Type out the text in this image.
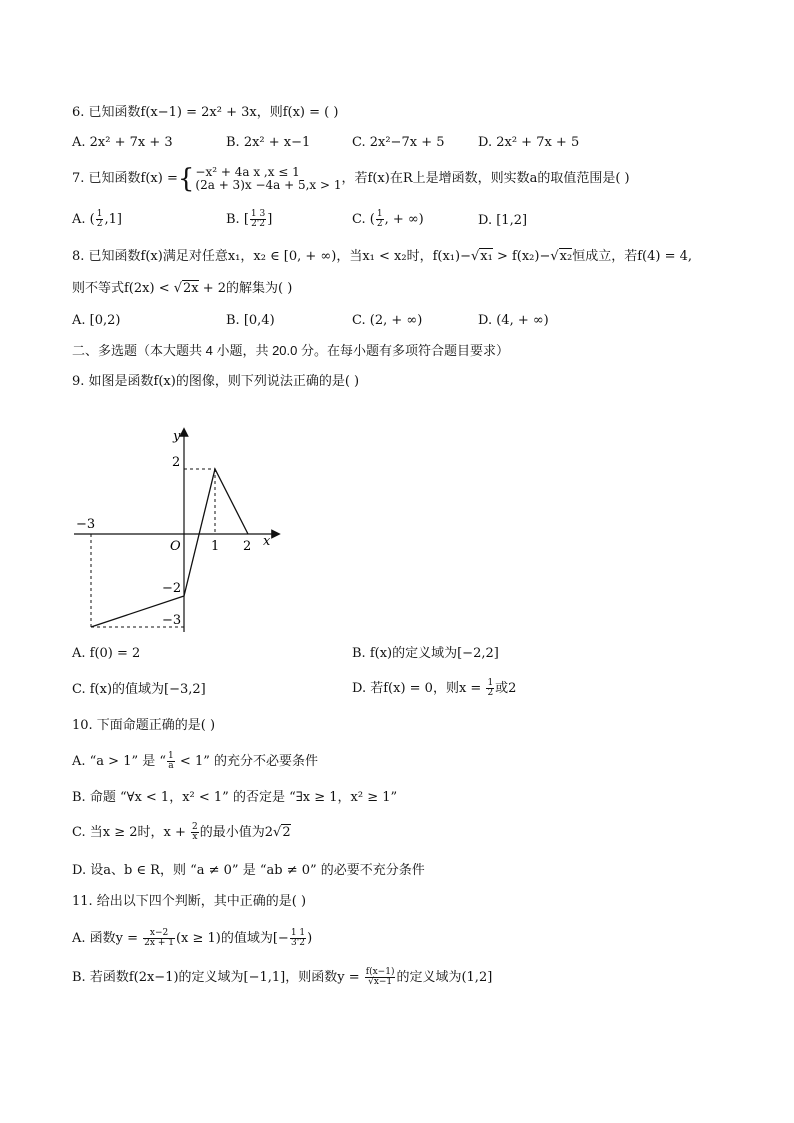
6. 已知函数f(x−1) = 2x² + 3x，则f(x) = ( )
A. 2x² + 7x + 3	B. 2x² + x−1	C. 2x²−7x + 5	D. 2x² + 7x + 5
7. 已知函数f(x) = { −x² + 4a x ,x ≤ 1
(2a + 3)x −4a + 5,x > 1 ，若f(x)在R上是增函数，则实数a的取值范围是( )
A. ( $\frac{1}{2} ,1$]	B. [ $\frac{1 3}{2'2}$ ]	C. ( $\frac{1}{2}$ , + ∞)	D. [1,2]
8. 已知函数f(x)满足对任意x₁，x₂ ∈ [0, + ∞)，当x₁ < x₂时，f(x₁)−√x₁ > f(x₂)−√x₂恒成立，若f(4) = 4,
则不等式f(2x) < √2x + 2的解集为( )
A. [0,2)	B. [0,4)	C. (2, + ∞)	D. (4, + ∞)
二、多选题（本大题共 4 小题，共 20.0 分。在每小题有多项符合题目要求）
9. 如图是函数f(x)的图像，则下列说法正确的是( )
y
x
O
−3
1 2
2
−2
−3
A. f(0) = 2	B. f(x)的定义域为[−2,2]
C. f(x)的值域为[−3,2]	D. 若f(x) = 0，则$x = \frac{1}{2}$ 或2
10. 下面命题正确的是( )
A. “a > 1” 是 “ $\frac{1}{a} < 1$” 的充分不必要条件
B. 命题 “∀x < 1，x² < 1” 的否定是 “∃x ≥ 1，x² ≥ 1”
C. 当x ≥ 2时，$x + \frac{2}{x}$ 的最小值为2√2
D. 设a、b ∈ R，则 “a ≠ 0” 是 “ab ≠ 0” 的必要不充分条件
11. 给出以下四个判断，其中正确的是( )
A. 函数$y = \frac{x-2}{2x + 1} (x \ge 1)$的值域为[− $\frac{1 1}{3'2}$ )
B. 若函数f(2x−1)的定义域为[−1,1]，则函数$y = \frac{f(x-1)}{√x-1}$ 的定义域为(1,2]
